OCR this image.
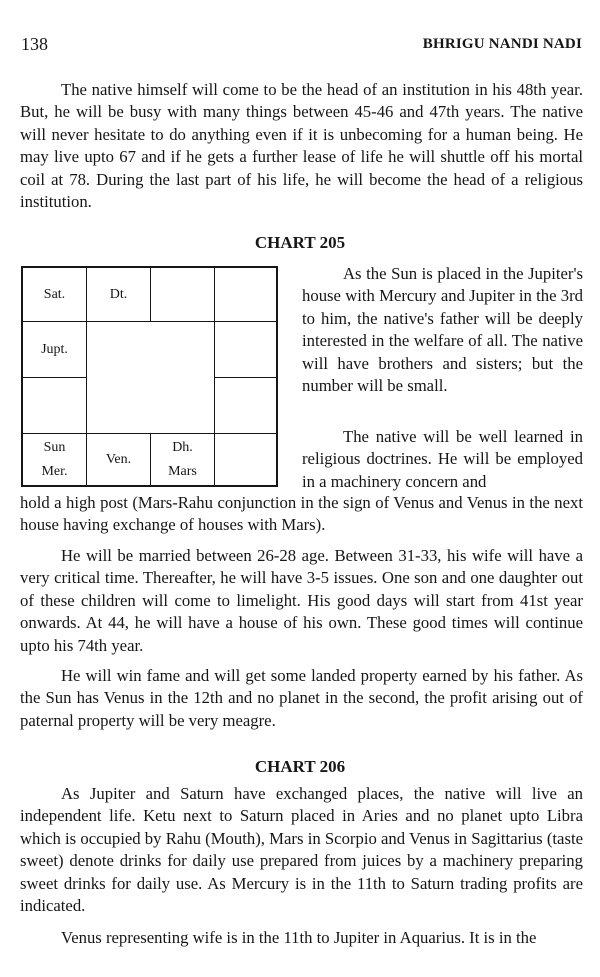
138	BHRIGU NANDI NADI

The native himself will come to be the head of an institution in his 48th year. But, he will be busy with many things between 45-46 and 47th years. The native will never hesitate to do anything even if it is unbecoming for a human being. He may live upto 67 and if he gets a further lease of life he will shuttle off his mortal coil at 78. During the last part of his life, he will become the head of a religious institution.

CHART 205
Sat.	Dt.
Jupt.
Sun
Mer.
Ven.
Dh.
Mars

As the Sun is placed in the Jupiter's house with Mercury and Jupiter in the 3rd to him, the native's father will be deeply interested in the welfare of all. The native will have brothers and sisters; but the number will be small.

The native will be well learned in religious doctrines. He will be employed in a machinery concern and

hold a high post (Mars-Rahu conjunction in the sign of Venus and Venus in the next house having exchange of houses with Mars).

He will be married between 26-28 age. Between 31-33, his wife will have a very critical time. Thereafter, he will have 3-5 issues. One son and one daughter out of these children will come to limelight. His good days will start from 41st year onwards. At 44, he will have a house of his own. These good times will continue upto his 74th year.

He will win fame and will get some landed property earned by his father. As the Sun has Venus in the 12th and no planet in the second, the profit arising out of paternal property will be very meagre.

CHART 206

As Jupiter and Saturn have exchanged places, the native will live an independent life. Ketu next to Saturn placed in Aries and no planet upto Libra which is occupied by Rahu (Mouth), Mars in Scorpio and Venus in Sagittarius (taste sweet) denote drinks for daily use prepared from juices by a machinery preparing sweet drinks for daily use. As Mercury is in the 11th to Saturn trading profits are indicated.

Venus representing wife is in the 11th to Jupiter in Aquarius. It is in the
